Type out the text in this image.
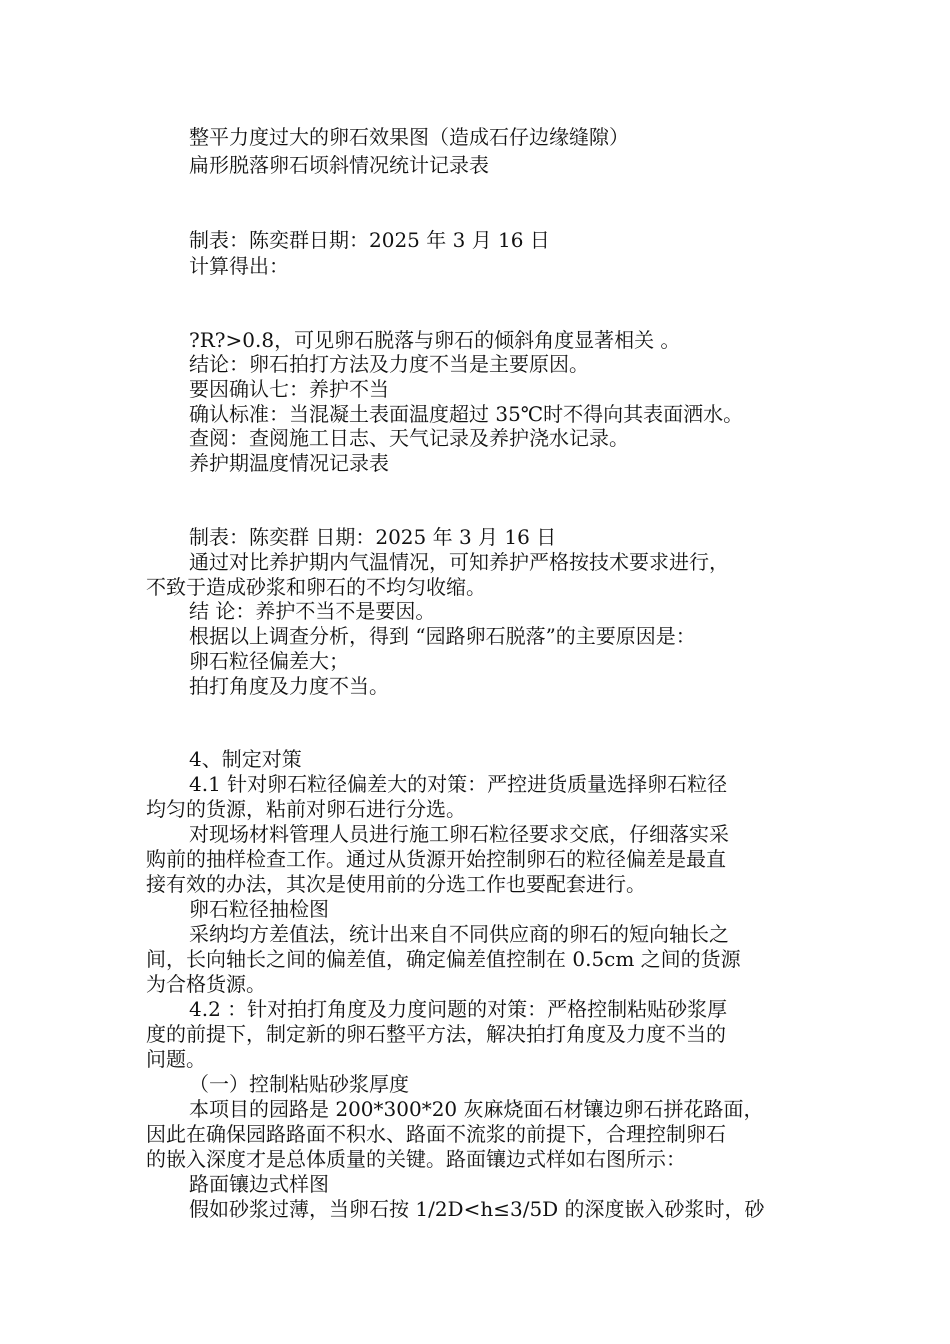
整平力度过大的卵石效果图（造成石仔边缘缝隙）
扁形脱落卵石顷斜情况统计记录表
制表：陈奕群日期：2025 年 3 月 16 日
计算得出：
?R?>0.8，可见卵石脱落与卵石的倾斜角度显著相关 。
结论：卵石拍打方法及力度不当是主要原因。
要因确认七：养护不当
确认标准：当混凝土表面温度超过 35℃时不得向其表面洒水。
查阅：查阅施工日志、天气记录及养护浇水记录。
养护期温度情况记录表
制表：陈奕群 日期：2025 年 3 月 16 日
通过对比养护期内气温情况，可知养护严格按技术要求进行，
不致于造成砂浆和卵石的不均匀收缩。
结 论：养护不当不是要因。
根据以上调查分析，得到 “园路卵石脱落”的主要原因是：
卵石粒径偏差大；
拍打角度及力度不当。
4、制定对策
4.1 针对卵石粒径偏差大的对策：严控进货质量选择卵石粒径
均匀的货源，粘前对卵石进行分选。
对现场材料管理人员进行施工卵石粒径要求交底，仔细落实采
购前的抽样检查工作。通过从货源开始控制卵石的粒径偏差是最直
接有效的办法，其次是使用前的分选工作也要配套进行。
卵石粒径抽检图
采纳均方差值法，统计出来自不同供应商的卵石的短向轴长之
间，长向轴长之间的偏差值，确定偏差值控制在 0.5cm 之间的货源
为合格货源。
4.2 ：针对拍打角度及力度问题的对策：严格控制粘贴砂浆厚
度的前提下，制定新的卵石整平方法，解决拍打角度及力度不当的
问题。
（一）控制粘贴砂浆厚度
本项目的园路是 200*300*20 灰麻烧面石材镶边卵石拼花路面，
因此在确保园路路面不积水、路面不流浆的前提下，合理控制卵石
的嵌入深度才是总体质量的关键。路面镶边式样如右图所示：
路面镶边式样图
假如砂浆过薄，当卵石按 1/2D<h≤3/5D 的深度嵌入砂浆时，砂
